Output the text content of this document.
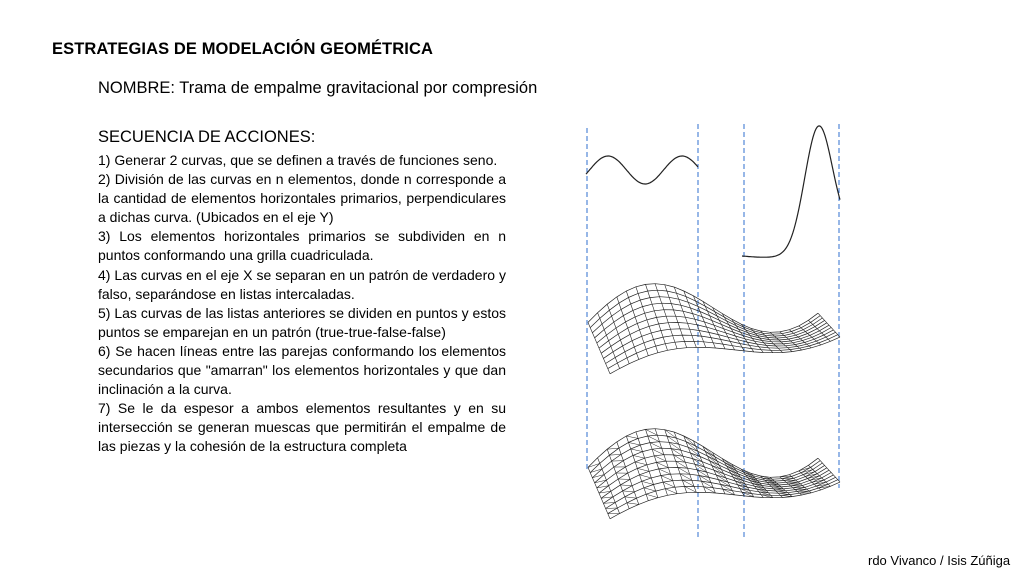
ESTRATEGIAS DE MODELACIÓN GEOMÉTRICA
NOMBRE: Trama de empalme gravitacional por compresión
SECUENCIA DE ACCIONES:
1) Generar 2 curvas, que se definen a través de funciones seno.
2) División de las curvas en n elementos, donde n corresponde a la cantidad de elementos horizontales primarios, perpendiculares a dichas curva. (Ubicados en el eje Y)
3) Los elementos horizontales primarios se subdividen en n puntos conformando una grilla cuadriculada.
4) Las curvas en el eje X se separan en un patrón de verdadero y falso, separándose en listas intercaladas.
5) Las curvas de las listas anteriores se dividen en puntos y estos puntos se emparejan en un patrón (true-true-false-false)
6) Se hacen líneas entre las parejas conformando los elementos secundarios que "amarran" los elementos horizontales y que dan inclinación a la curva.
7) Se le da espesor a ambos elementos resultantes y en su intersección se generan muescas que permitirán el empalme de las piezas y la cohesión de la estructura completa
rdo Vivanco / Isis Zúñiga
